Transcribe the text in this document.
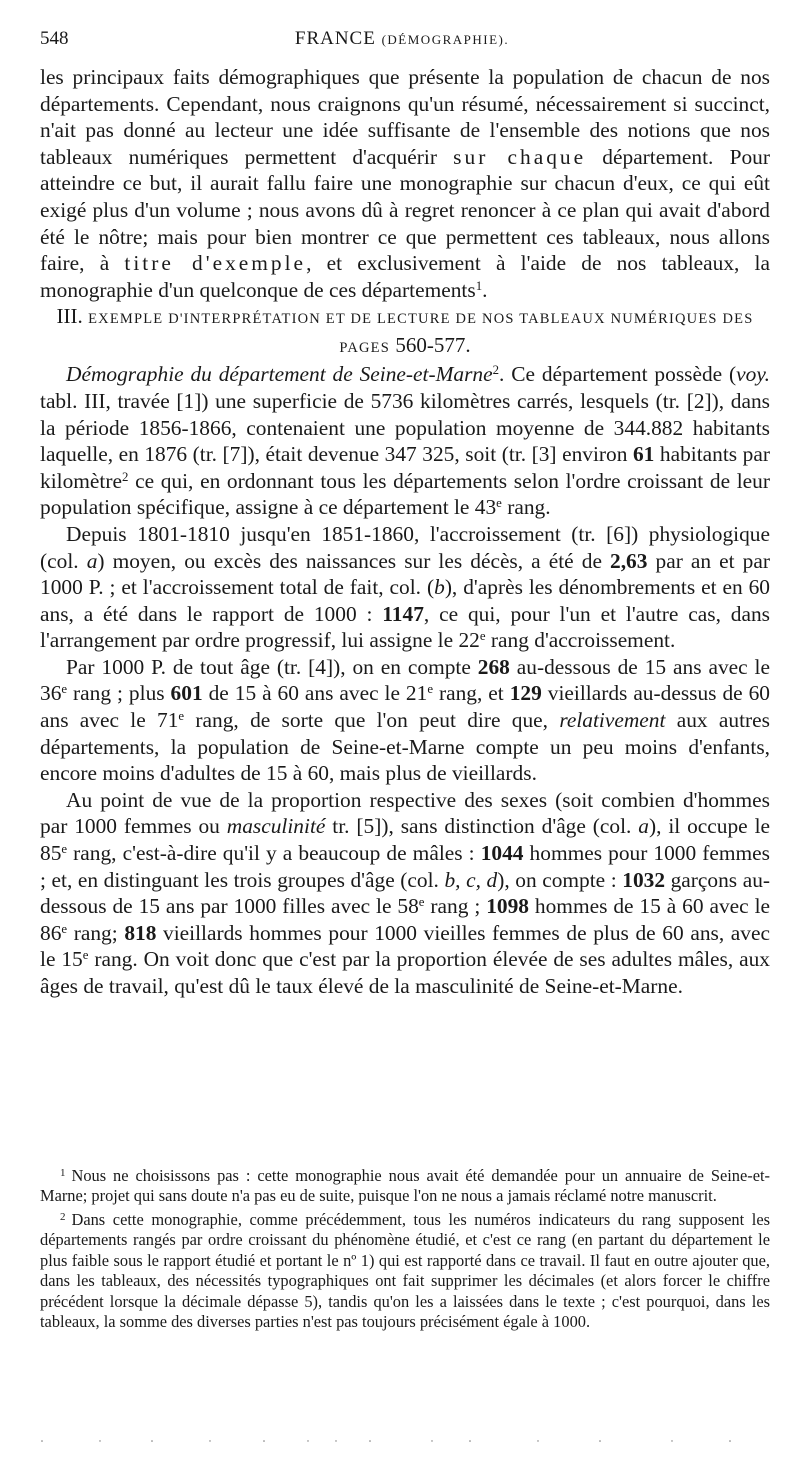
548	FRANCE (DÉMOGRAPHIE).

les principaux faits démographiques que présente la population de chacun de nos départements. Cependant, nous craignons qu'un résumé, nécessairement si succinct, n'ait pas donné au lecteur une idée suffisante de l'ensemble des notions que nos tableaux numériques permettent d'acquérir sur chaque département. Pour atteindre ce but, il aurait fallu faire une monographie sur chacun d'eux, ce qui eût exigé plus d'un volume ; nous avons dû à regret renoncer à ce plan qui avait d'abord été le nôtre; mais pour bien montrer ce que permettent ces tableaux, nous allons faire, à titre d'exemple, et exclusivement à l'aide de nos tableaux, la monographie d'un quelconque de ces départements$^1$.

III. EXEMPLE D'INTERPRÉTATION ET DE LECTURE DE NOS TABLEAUX NUMÉRIQUES DES PAGES 560-577.

Démographie du département de Seine-et-Marne$^2$. Ce département possède (voy. tabl. III, travée [1]) une superficie de 5736 kilomètres carrés, lesquels (tr. [2]), dans la période 1856-1866, contenaient une population moyenne de 344.882 habitants laquelle, en 1876 (tr. [7]), était devenue 347 325, soit (tr. [3] environ 61 habitants par kilomètre$^2$ ce qui, en ordonnant tous les départements selon l'ordre croissant de leur population spécifique, assigne à ce département le 43e rang.

Depuis 1801-1810 jusqu'en 1851-1860, l'accroissement (tr. [6]) physiologique (col. a) moyen, ou excès des naissances sur les décès, a été de 2,63 par an et par 1000 P. ; et l'accroissement total de fait, col. (b), d'après les dénombrements et en 60 ans, a été dans le rapport de 1000 : 1147, ce qui, pour l'un et l'autre cas, dans l'arrangement par ordre progressif, lui assigne le 22e rang d'accroissement.

Par 1000 P. de tout âge (tr. [4]), on en compte 268 au-dessous de 15 ans avec le 36e rang ; plus 601 de 15 à 60 ans avec le 21e rang, et 129 vieillards au-dessus de 60 ans avec le 71e rang, de sorte que l'on peut dire que, relativement aux autres départements, la population de Seine-et-Marne compte un peu moins d'enfants, encore moins d'adultes de 15 à 60, mais plus de vieillards.

Au point de vue de la proportion respective des sexes (soit combien d'hommes par 1000 femmes ou masculinité tr. [5]), sans distinction d'âge (col. a), il occupe le 85e rang, c'est-à-dire qu'il y a beaucoup de mâles : 1044 hommes pour 1000 femmes ; et, en distinguant les trois groupes d'âge (col. b, c, d), on compte : 1032 garçons au-dessous de 15 ans par 1000 filles avec le 58e rang ; 1098 hommes de 15 à 60 avec le 86e rang; 818 vieillards hommes pour 1000 vieilles femmes de plus de 60 ans, avec le 15e rang. On voit donc que c'est par la proportion élevée de ses adultes mâles, aux âges de travail, qu'est dû le taux élevé de la masculinité de Seine-et-Marne.

$^1$ Nous ne choisissons pas : cette monographie nous avait été demandée pour un annuaire de Seine-et-Marne; projet qui sans doute n'a pas eu de suite, puisque l'on ne nous a jamais réclamé notre manuscrit.

$^2$ Dans cette monographie, comme précédemment, tous les numéros indicateurs du rang supposent les départements rangés par ordre croissant du phénomène étudié, et c'est ce rang (en partant du département le plus faible sous le rapport étudié et portant le nº 1) qui est rapporté dans ce travail. Il faut en outre ajouter que, dans les tableaux, des nécessités typographiques ont fait supprimer les décimales (et alors forcer le chiffre précédent lorsque la décimale dépasse 5), tandis qu'on les a laissées dans le texte ; c'est pourquoi, dans les tableaux, la somme des diverses parties n'est pas toujours précisément égale à 1000.
